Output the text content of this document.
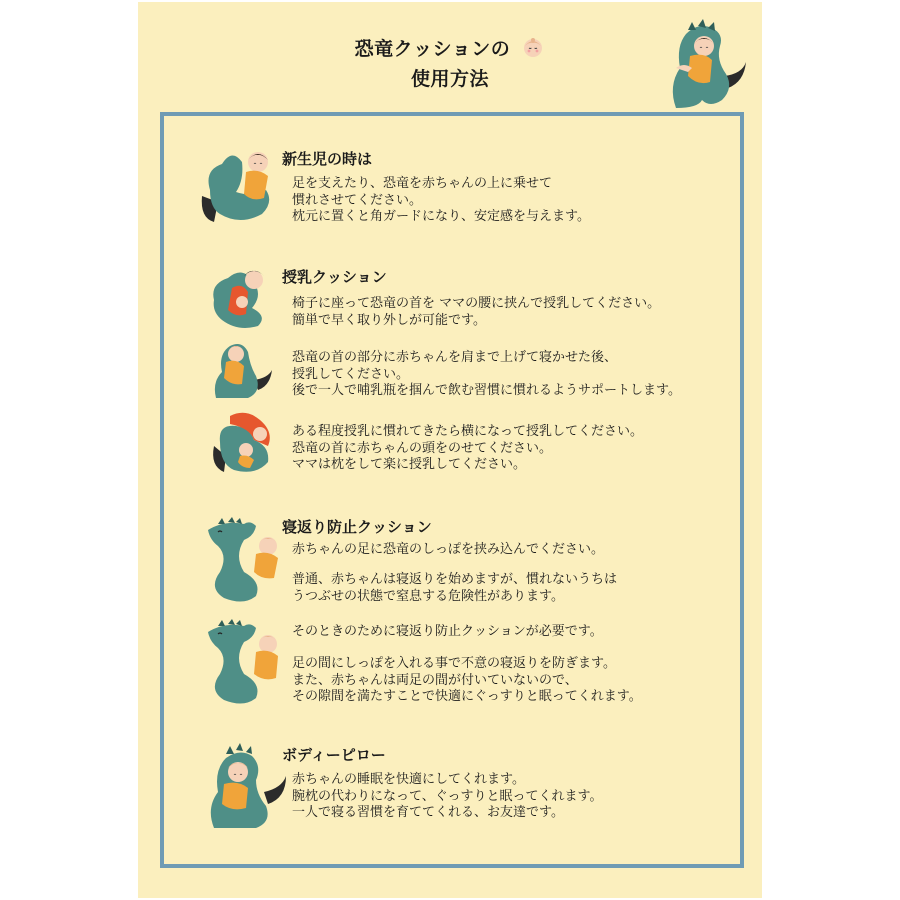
恐竜クッションの
使用方法
新生児の時は
足を支えたり、恐竜を赤ちゃんの上に乗せて
慣れさせてください。
枕元に置くと角ガードになり、安定感を与えます。
授乳クッション
椅子に座って恐竜の首を ママの腰に挟んで授乳してください。
簡単で早く取り外しが可能です。
恐竜の首の部分に赤ちゃんを肩まで上げて寝かせた後、
授乳してください。
後で一人で哺乳瓶を掴んで飲む習慣に慣れるようサポートします。
ある程度授乳に慣れてきたら横になって授乳してください。
恐竜の首に赤ちゃんの頭をのせてください。
ママは枕をして楽に授乳してください。
寝返り防止クッション
赤ちゃんの足に恐竜のしっぽを挟み込んでください。
普通、赤ちゃんは寝返りを始めますが、慣れないうちは
うつぶせの状態で窒息する危険性があります。
そのときのために寝返り防止クッションが必要です。
足の間にしっぽを入れる事で不意の寝返りを防ぎます。
また、赤ちゃんは両足の間が付いていないので、
その隙間を満たすことで快適にぐっすりと眠ってくれます。
ボディーピロー
赤ちゃんの睡眠を快適にしてくれます。
腕枕の代わりになって、ぐっすりと眠ってくれます。
一人で寝る習慣を育ててくれる、お友達です。
